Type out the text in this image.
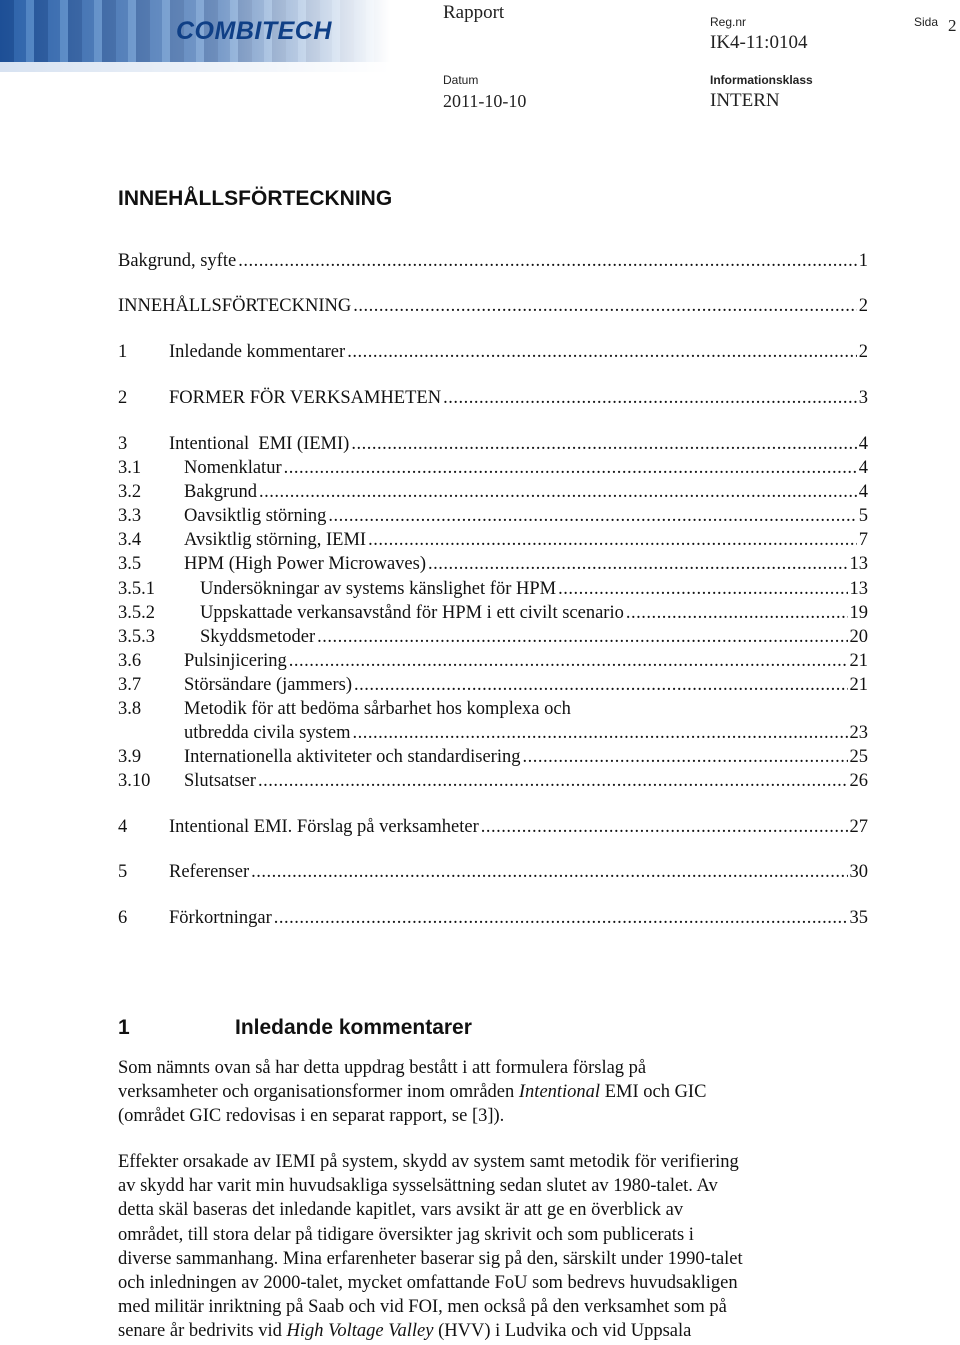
COMBITECH
Rapport	Reg.nr
IK4-11:0104
Sida 2
Datum
2011-10-10
Informationsklass
INTERN
INNEHÅLLSFÖRTECKNING
Bakgrund, syfte .....	1
INNEHÅLLSFÖRTECKNING .....	2
1 Inledande kommentarer .....	2
2 FORMER FÖR VERKSAMHETEN .....	3
3 Intentional  EMI (IEMI) .....	4
3.1 Nomenklatur .....	4
3.2 Bakgrund .....	4
3.3 Oavsiktlig störning .....	5
3.4 Avsiktlig störning, IEMI .....	7
3.5 HPM (High Power Microwaves) .....	13
3.5.1 Undersökningar av systems känslighet för HPM .....	13
3.5.2 Uppskattade verkansavstånd för HPM i ett civilt scenario .....	19
3.5.3 Skyddsmetoder .....	20
3.6 Pulsinjicering .....	21
3.7 Störsändare (jammers) .....	21
3.8 Metodik för att bedöma sårbarhet hos komplexa och
utbredda civila system .....	23
3.9 Internationella aktiviteter och standardisering .....	25
3.10 Slutsatser .....	26
4 Intentional EMI. Förslag på verksamheter .....	27
5 Referenser .....	30
6 Förkortningar .....	35
1	Inledande kommentarer
Som nämnts ovan så har detta uppdrag bestått i att formulera förslag på
verksamheter och organisationsformer inom områden Intentional EMI och GIC
(området GIC redovisas i en separat rapport, se [3]).
Effekter orsakade av IEMI på system, skydd av system samt metodik för verifiering
av skydd har varit min huvudsakliga sysselsättning sedan slutet av 1980-talet. Av
detta skäl baseras det inledande kapitlet, vars avsikt är att ge en överblick av
området, till stora delar på tidigare översikter jag skrivit och som publicerats i
diverse sammanhang. Mina erfarenheter baserar sig på den, särskilt under 1990-talet
och inledningen av 2000-talet, mycket omfattande FoU som bedrevs huvudsakligen
med militär inriktning på Saab och vid FOI, men också på den verksamhet som på
senare år bedrivits vid High Voltage Valley (HVV) i Ludvika och vid Uppsala
